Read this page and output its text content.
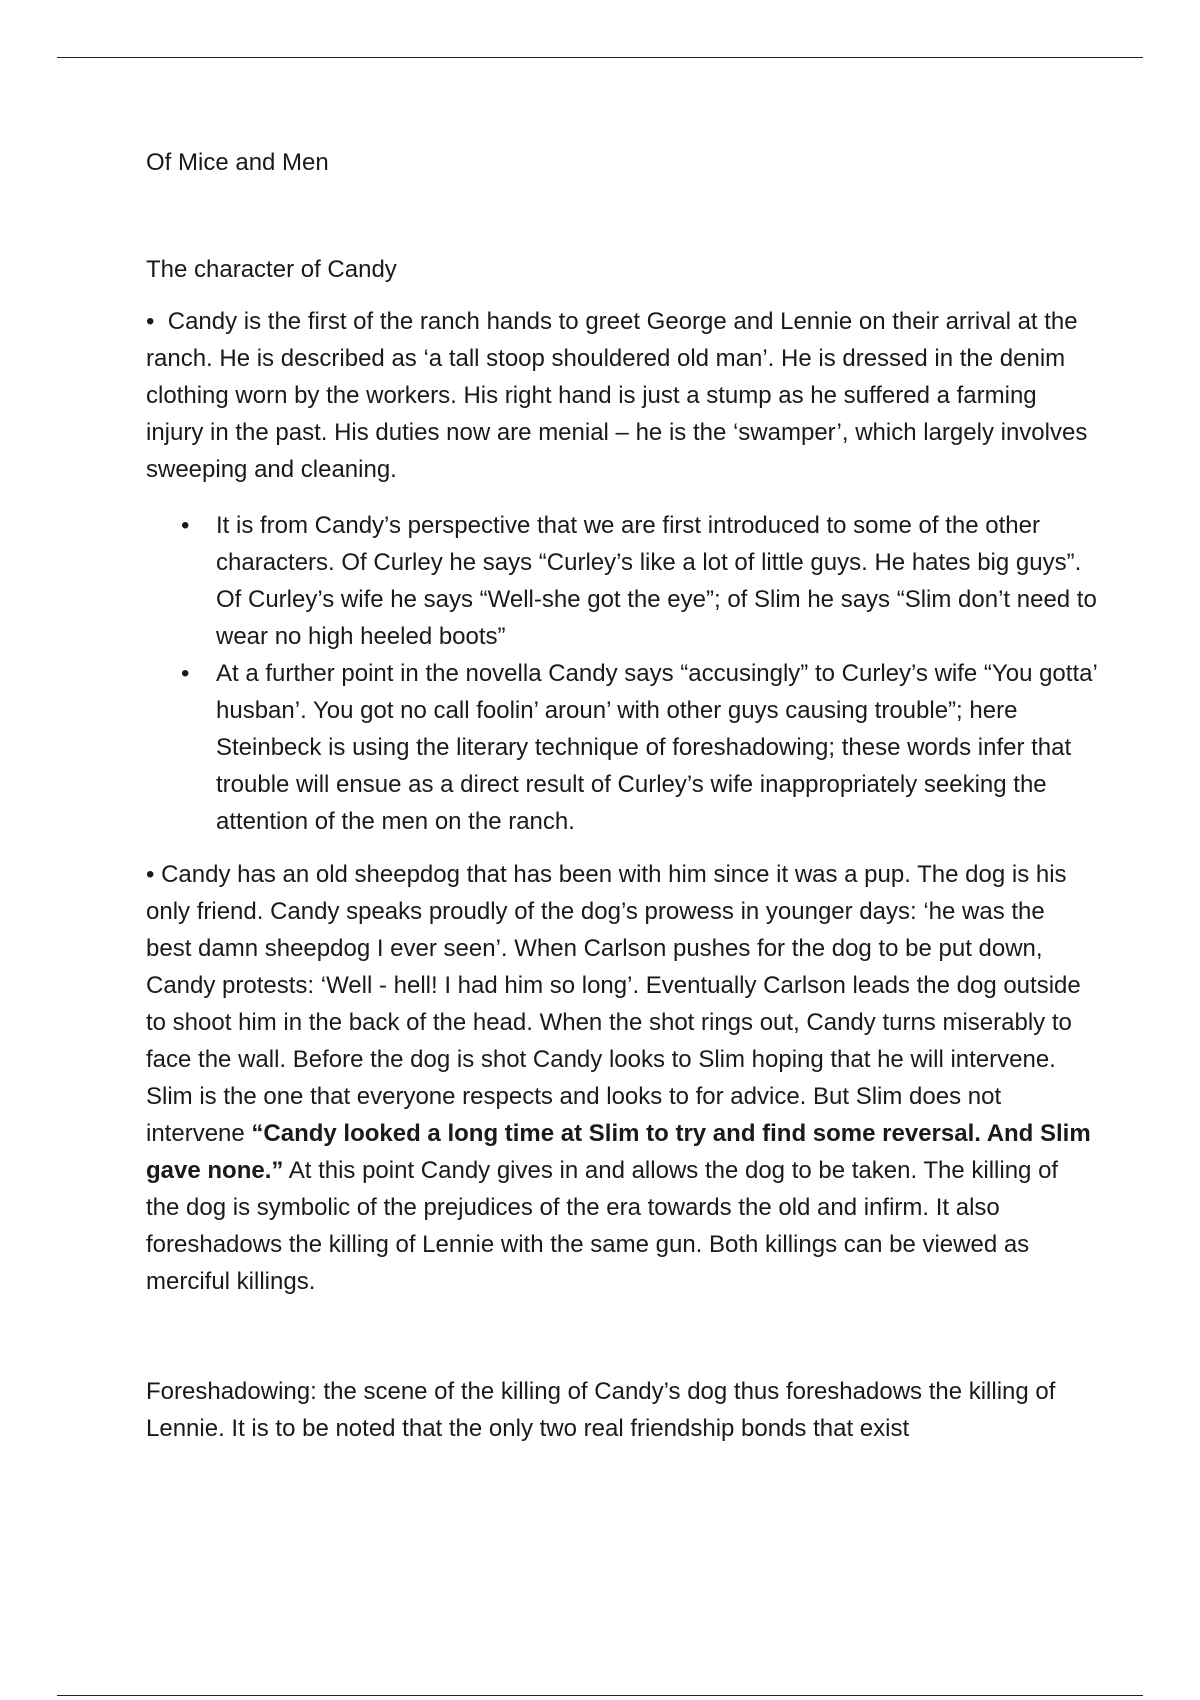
Of Mice and Men
The character of Candy

• Candy is the first of the ranch hands to greet George and Lennie on their arrival at the ranch. He is described as ‘a tall stoop shouldered old man’. He is dressed in the denim clothing worn by the workers. His right hand is just a stump as he suffered a farming injury in the past. His duties now are menial – he is the ‘swamper’, which largely involves sweeping and cleaning.

• It is from Candy’s perspective that we are first introduced to some of the other characters. Of Curley he says “Curley’s like a lot of little guys. He hates big guys”. Of Curley’s wife he says “Well-she got the eye”; of Slim he says “Slim don’t need to wear no high heeled boots”
• At a further point in the novella Candy says “accusingly” to Curley’s wife “You gotta’ husban’. You got no call foolin’ aroun’ with other guys causing trouble”; here Steinbeck is using the literary technique of foreshadowing; these words infer that trouble will ensue as a direct result of Curley’s wife inappropriately seeking the attention of the men on the ranch.

• Candy has an old sheepdog that has been with him since it was a pup. The dog is his only friend. Candy speaks proudly of the dog’s prowess in younger days: ‘he was the best damn sheepdog I ever seen’. When Carlson pushes for the dog to be put down, Candy protests: ‘Well - hell! I had him so long’. Eventually Carlson leads the dog outside to shoot him in the back of the head. When the shot rings out, Candy turns miserably to face the wall. Before the dog is shot Candy looks to Slim hoping that he will intervene. Slim is the one that everyone respects and looks to for advice. But Slim does not intervene “Candy looked a long time at Slim to try and find some reversal. And Slim gave none.” At this point Candy gives in and allows the dog to be taken. The killing of the dog is symbolic of the prejudices of the era towards the old and infirm. It also foreshadows the killing of Lennie with the same gun. Both killings can be viewed as merciful killings.

Foreshadowing: the scene of the killing of Candy’s dog thus foreshadows the killing of Lennie. It is to be noted that the only two real friendship bonds that exist
